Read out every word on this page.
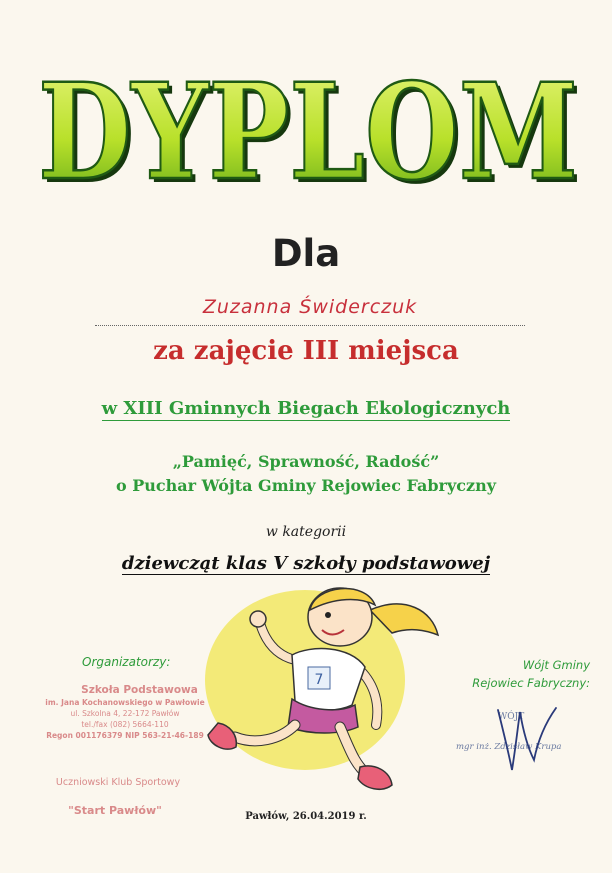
DYPLOM
DYPLOM
Dla
Zuzanna Świderczuk
za zajęcie III miejsca
w XIII Gminnych Biegach Ekologicznych
„Pamięć, Sprawność, Radość”
o Puchar Wójta Gminy Rejowiec Fabryczny
w kategorii
dziewcząt klas V szkoły podstawowej
7
Organizatorzy:
Szkoła Podstawowa
im. Jana Kochanowskiego w Pawłowie
ul. Szkolna 4, 22-172 Pawłów
tel./fax (082) 5664-110
Regon 001176379 NIP 563-21-46-189
Uczniowski Klub Sportowy
"Start Pawłów"
Wójt Gminy
Rejowiec Fabryczny:
WÓJT
mgr inż. Zdzisław Krupa
Pawłów, 26.04.2019 r.
